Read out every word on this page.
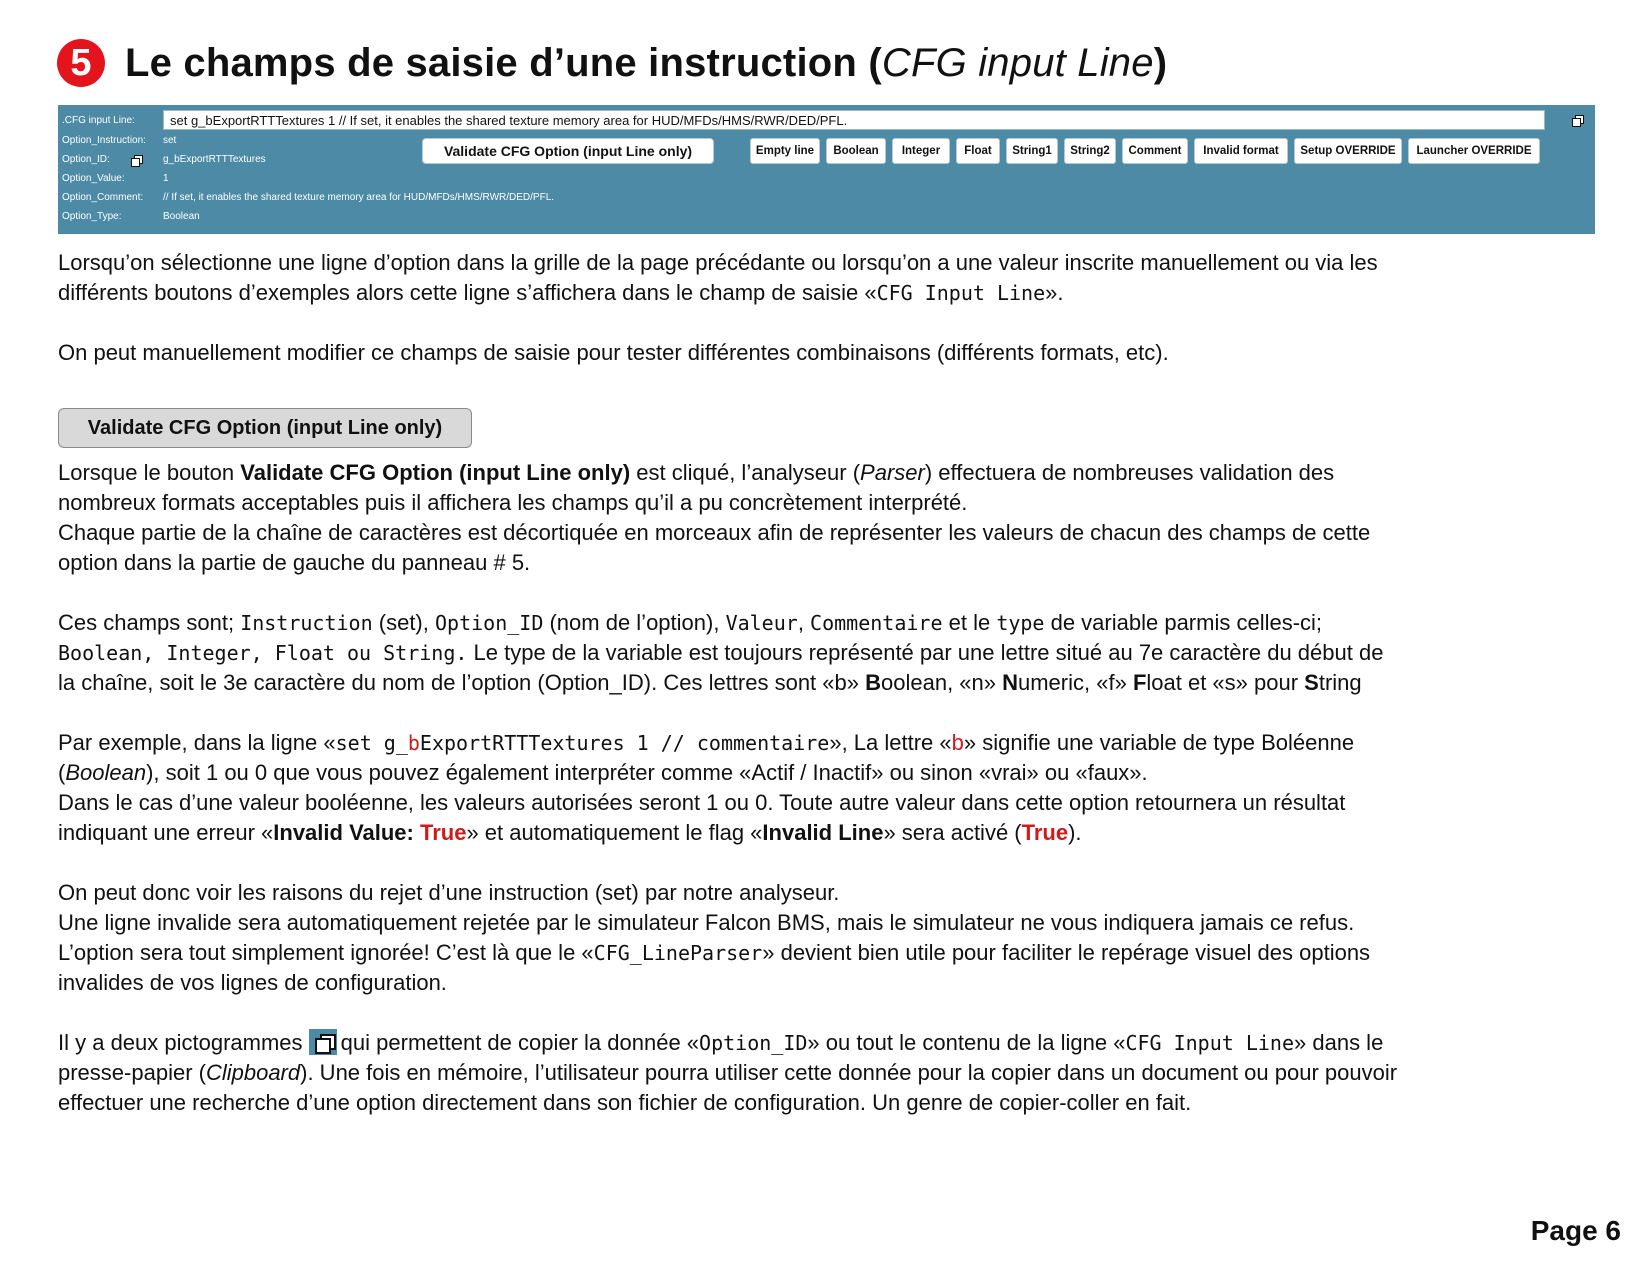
5 Le champs de saisie d’une instruction (CFG input Line)
.CFG input Line:	set g_bExportRTTTextures 1 // If set, it enables the shared texture memory area for HUD/MFDs/HMS/RWR/DED/PFL.
Option_Instruction: set
Option_ID:	g_bExportRTTTextures
Option_Value:	1
Option_Comment: // If set, it enables the shared texture memory area for HUD/MFDs/HMS/RWR/DED/PFL.
Option_Type:	Boolean
Validate CFG Option (input Line only)	Empty line	Boolean	Integer	Float	String1	String2	Comment	Invalid format	Setup OVERRIDE	Launcher OVERRIDE
Lorsqu’on sélectionne une ligne d’option dans la grille de la page précédante ou lorsqu’on a une valeur inscrite manuellement ou via les
différents boutons d’exemples alors cette ligne s’affichera dans le champ de saisie «CFG Input Line».
On peut manuellement modifier ce champs de saisie pour tester différentes combinaisons (différents formats, etc).
Validate CFG Option (input Line only)
Lorsque le bouton Validate CFG Option (input Line only) est cliqué, l’analyseur (Parser) effectuera de nombreuses validation des
nombreux formats acceptables puis il affichera les champs qu’il a pu concrètement interprété.
Chaque partie de la chaîne de caractères est décortiquée en morceaux afin de représenter les valeurs de chacun des champs de cette
option dans la partie de gauche du panneau # 5.
Ces champs sont; Instruction (set), Option_ID (nom de l’option), Valeur, Commentaire et le type de variable parmis celles-ci;
Boolean, Integer, Float ou String. Le type de la variable est toujours représenté par une lettre situé au 7e caractère du début de
la chaîne, soit le 3e caractère du nom de l’option (Option_ID). Ces lettres sont «b» Boolean, «n» Numeric, «f» Float et «s» pour String
Par exemple, dans la ligne «set g_bExportRTTTextures 1 // commentaire», La lettre «b» signifie une variable de type Boléenne
(Boolean), soit 1 ou 0 que vous pouvez également interpréter comme «Actif / Inactif» ou sinon «vrai» ou «faux».
Dans le cas d’une valeur booléenne, les valeurs autorisées seront 1 ou 0. Toute autre valeur dans cette option retournera un résultat
indiquant une erreur «Invalid Value: True» et automatiquement le flag «Invalid Line» sera activé (True).
On peut donc voir les raisons du rejet d’une instruction (set) par notre analyseur.
Une ligne invalide sera automatiquement rejetée par le simulateur Falcon BMS, mais le simulateur ne vous indiquera jamais ce refus.
L’option sera tout simplement ignorée! C’est là que le «CFG_LineParser» devient bien utile pour faciliter le repérage visuel des options
invalides de vos lignes de configuration.
Il y a deux pictogrammes
qui permettent de copier la donnée «Option_ID» ou tout le contenu de la ligne «CFG Input Line» dans le
presse-papier (Clipboard). Une fois en mémoire, l’utilisateur pourra utiliser cette donnée pour la copier dans un document ou pour pouvoir
effectuer une recherche d’une option directement dans son fichier de configuration. Un genre de copier-coller en fait.
Page 6
